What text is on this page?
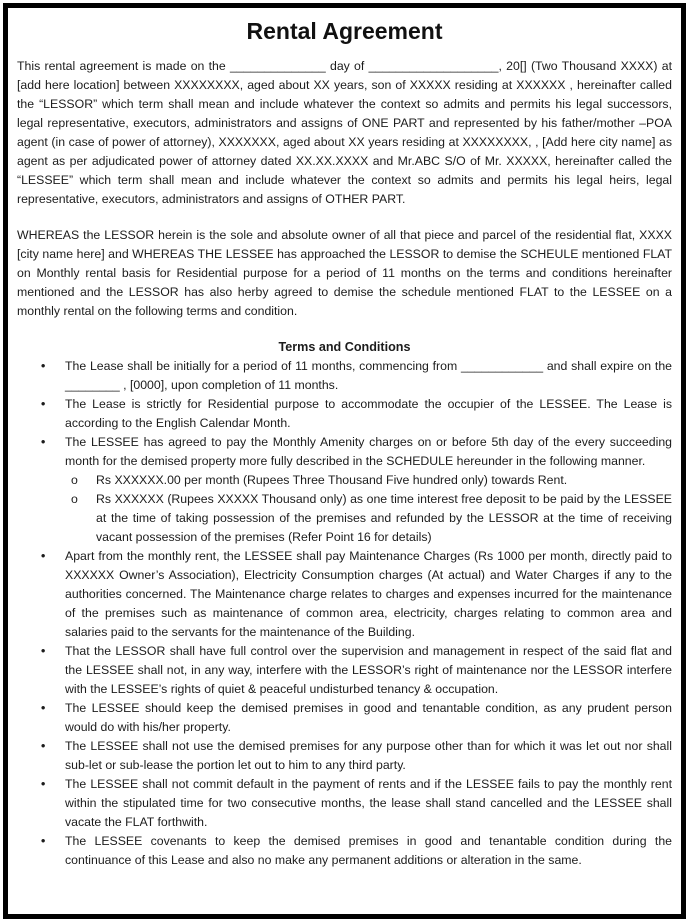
Rental Agreement

This rental agreement is made on the ______________ day of ___________________, 20[] (Two Thousand XXXX) at [add here location] between XXXXXXXX, aged about XX years, son of XXXXX residing at XXXXXX , hereinafter called the “LESSOR” which term shall mean and include whatever the context so admits and permits his legal successors, legal representative, executors, administrators and assigns of ONE PART and represented by his father/mother –POA agent (in case of power of attorney), XXXXXXX, aged about XX years residing at XXXXXXXX, , [Add here city name] as agent as per adjudicated power of attorney dated XX.XX.XXXX and Mr.ABC S/O of Mr. XXXXX, hereinafter called the “LESSEE” which term shall mean and include whatever the context so admits and permits his legal heirs, legal representative, executors, administrators and assigns of OTHER PART.

WHEREAS the LESSOR herein is the sole and absolute owner of all that piece and parcel of the residential flat, XXXX [city name here] and WHEREAS THE LESSEE has approached the LESSOR to demise the SCHEULE mentioned FLAT on Monthly rental basis for Residential purpose for a period of 11 months on the terms and conditions hereinafter mentioned and the LESSOR has also herby agreed to demise the schedule mentioned FLAT to the LESSEE on a monthly rental on the following terms and condition.

Terms and Conditions
•	The Lease shall be initially for a period of 11 months, commencing from ____________ and shall expire on the ________ , [0000], upon completion of 11 months.
•	The Lease is strictly for Residential purpose to accommodate the occupier of the LESSEE. The Lease is according to the English Calendar Month.
•	The LESSEE has agreed to pay the Monthly Amenity charges on or before 5th day of the every succeeding month for the demised property more fully described in the SCHEDULE hereunder in the following manner.
o	Rs XXXXXX.00 per month (Rupees Three Thousand Five hundred only) towards Rent.
o	Rs XXXXXX (Rupees XXXXX Thousand only) as one time interest free deposit to be paid by the LESSEE at the time of taking possession of the premises and refunded by the LESSOR at the time of receiving vacant possession of the premises (Refer Point 16 for details)
•	Apart from the monthly rent, the LESSEE shall pay Maintenance Charges (Rs 1000 per month, directly paid to XXXXXX Owner’s Association), Electricity Consumption charges (At actual) and Water Charges if any to the authorities concerned. The Maintenance charge relates to charges and expenses incurred for the maintenance of the premises such as maintenance of common area, electricity, charges relating to common area and salaries paid to the servants for the maintenance of the Building.
•	That the LESSOR shall have full control over the supervision and management in respect of the said flat and the LESSEE shall not, in any way, interfere with the LESSOR’s right of maintenance nor the LESSOR interfere with the LESSEE’s rights of quiet & peaceful undisturbed tenancy & occupation.
•	The LESSEE should keep the demised premises in good and tenantable condition, as any prudent person would do with his/her property.
•	The LESSEE shall not use the demised premises for any purpose other than for which it was let out nor shall sub-let or sub-lease the portion let out to him to any third party.
•	The LESSEE shall not commit default in the payment of rents and if the LESSEE fails to pay the monthly rent within the stipulated time for two consecutive months, the lease shall stand cancelled and the LESSEE shall vacate the FLAT forthwith.
•	The LESSEE covenants to keep the demised premises in good and tenantable condition during the continuance of this Lease and also no make any permanent additions or alteration in the same.
